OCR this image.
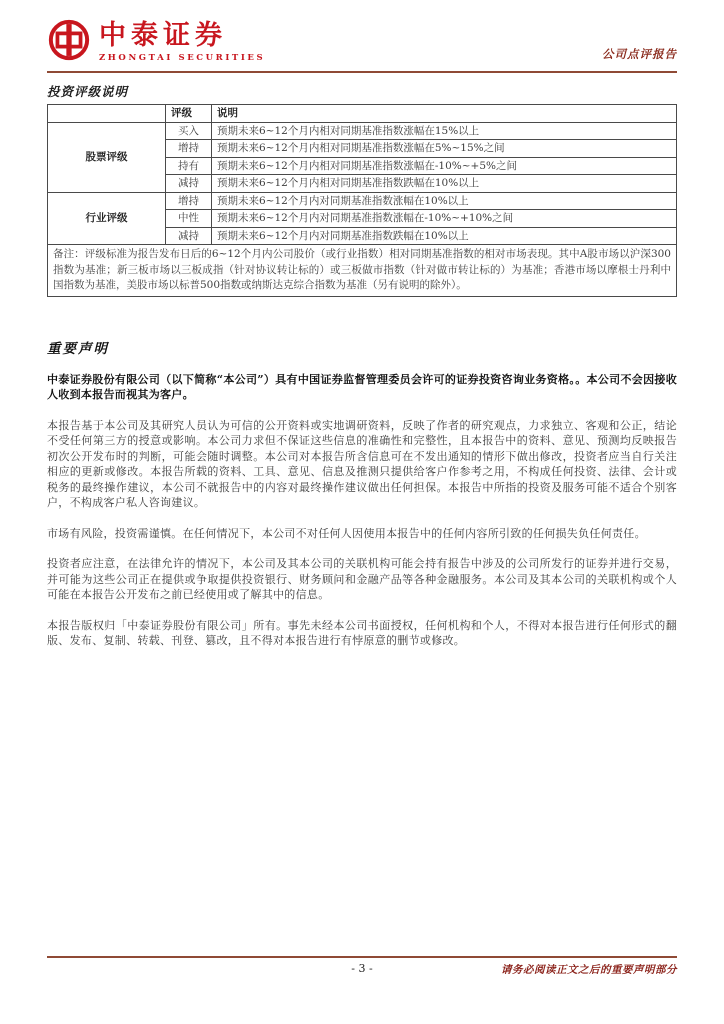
中泰证券
ZHONGTAI SECURITIES	公司点评报告
投资评级说明
	评级	说明
股票评级	买入	预期未来6~12个月内相对同期基准指数涨幅在15%以上
	增持	预期未来6~12个月内相对同期基准指数涨幅在5%~15%之间
	持有	预期未来6~12个月内相对同期基准指数涨幅在-10%~+5%之间
	减持	预期未来6~12个月内相对同期基准指数跌幅在10%以上
行业评级	增持	预期未来6~12个月内对同期基准指数涨幅在10%以上
	中性	预期未来6~12个月内对同期基准指数涨幅在-10%~+10%之间
	减持	预期未来6~12个月内对同期基准指数跌幅在10%以上
备注：评级标准为报告发布日后的6~12个月内公司股价（或行业指数）相对同期基准指数的相对市场表现。其中A股市场以沪深300指数为基准；新三板市场以三板成指（针对协议转让标的）或三板做市指数（针对做市转让标的）为基准；香港市场以摩根士丹利中国指数为基准，美股市场以标普500指数或纳斯达克综合指数为基准（另有说明的除外）。		
重要声明

中泰证券股份有限公司（以下简称“本公司”）具有中国证券监督管理委员会许可的证券投资咨询业务资格。。本公司不会因接收人收到本报告而视其为客户。

本报告基于本公司及其研究人员认为可信的公开资料或实地调研资料，反映了作者的研究观点，力求独立、客观和公正，结论不受任何第三方的授意或影响。本公司力求但不保证这些信息的准确性和完整性，且本报告中的资料、意见、预测均反映报告初次公开发布时的判断，可能会随时调整。本公司对本报告所含信息可在不发出通知的情形下做出修改，投资者应当自行关注相应的更新或修改。本报告所载的资料、工具、意见、信息及推测只提供给客户作参考之用，不构成任何投资、法律、会计或税务的最终操作建议，本公司不就报告中的内容对最终操作建议做出任何担保。本报告中所指的投资及服务可能不适合个别客户，不构成客户私人咨询建议。

市场有风险，投资需谨慎。在任何情况下，本公司不对任何人因使用本报告中的任何内容所引致的任何损失负任何责任。

投资者应注意，在法律允许的情况下，本公司及其本公司的关联机构可能会持有报告中涉及的公司所发行的证券并进行交易，并可能为这些公司正在提供或争取提供投资银行、财务顾问和金融产品等各种金融服务。本公司及其本公司的关联机构或个人可能在本报告公开发布之前已经使用或了解其中的信息。

本报告版权归「中泰证券股份有限公司」所有。事先未经本公司书面授权，任何机构和个人，不得对本报告进行任何形式的翻版、发布、复制、转载、刊登、篡改，且不得对本报告进行有悖原意的删节或修改。

- 3 -	请务必阅读正文之后的重要声明部分
